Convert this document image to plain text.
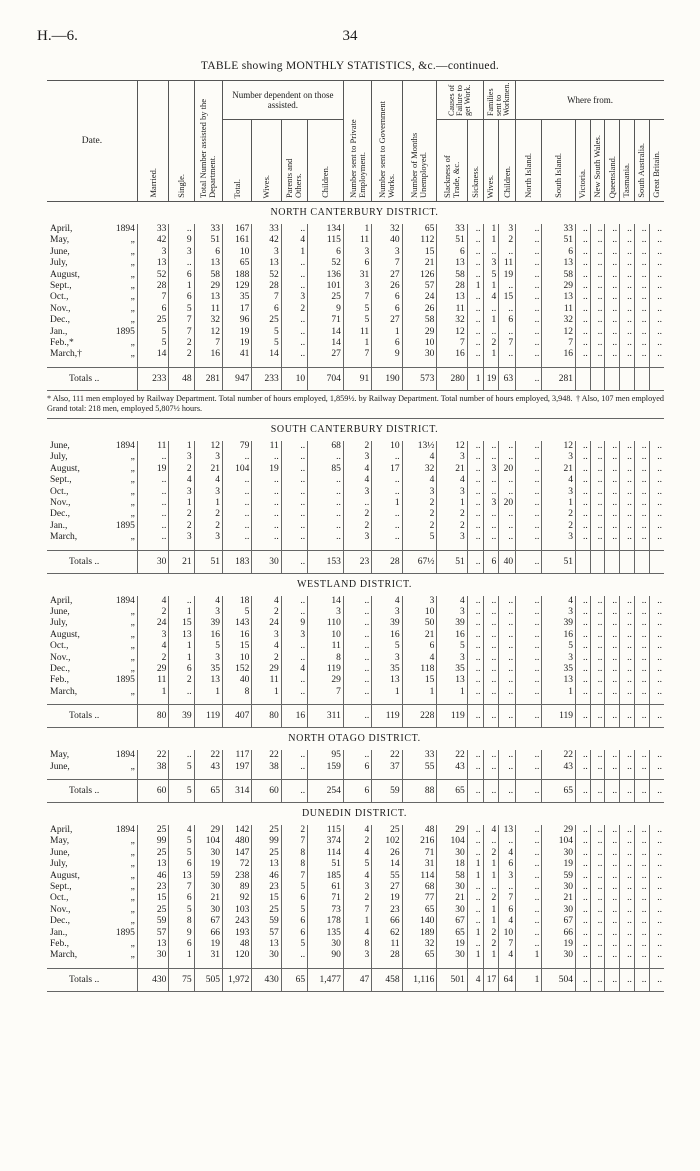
H.—6.	34
TABLE showing MONTHLY STATISTICS, &c.—continued.
Date.		Married.	Single.	Total Number assisted by the Department.	Number dependent on those assisted.				Number sent to Private Employment.	Number sent to Government Works.	Number of Months Unemployed.	Causes of Failure to get Work.		Families sent to Workmen.		Where from.							

					Total.	Wives.	Parents and Others.	Children.				Slackness of Trade, &c.	Sickness.	Wives.	Children.	North Island.	South Island.	Victoria.	New South Wales.	Queensland.	Tasmania.	South Australia.	Great Britain.

NORTH CANTERBURY DISTRICT.																							
April,	1894	33	..	33	167	33	..	134	1	32	65	33	..	1	3	..	33	..	..	..	..	..	..
May,	„	42	9	51	161	42	4	115	11	40	112	51	..	1	2	..	51	..	..	..	..	..	..
June,	„	3	3	6	10	3	1	6	3	3	15	6	..	..	..	..	6	..	..	..	..	..	..
July,	„	13	..	13	65	13	..	52	6	7	21	13	..	3	11	..	13	..	..	..	..	..	..
August,	„	52	6	58	188	52	..	136	31	27	126	58	..	5	19	..	58	..	..	..	..	..	..
Sept.,	„	28	1	29	129	28	..	101	3	26	57	28	1	1	..	..	29	..	..	..	..	..	..
Oct.,	„	7	6	13	35	7	3	25	7	6	24	13	..	4	15	..	13	..	..	..	..	..	..
Nov.,	„	6	5	11	17	6	2	9	5	6	26	11	..	..	..	..	11	..	..	..	..	..	..
Dec.,	„	25	7	32	96	25	..	71	5	27	58	32	..	1	6	..	32	..	..	..	..	..	..
Jan.,	1895	5	7	12	19	5	..	14	11	1	29	12	..	..	..	..	12	..	..	..	..	..	..
Feb.,*	„	5	2	7	19	5	..	14	1	6	10	7	..	2	7	..	7	..	..	..	..	..	..
March,†	„	14	2	16	41	14	..	27	7	9	30	16	..	1	..	..	16	..	..	..	..	..	..

Totals ..		233	48	281	947	233	10	704	91	190	573	280	1	19	63	..	281						

† Also, 107 men employed
* Also, 111 men employed by Railway Department. Total number of hours employed, 1,859½. by Railway Department. Total number of hours employed, 3,948. Grand total: 218 men, employed 5,807½ hours.																							
SOUTH CANTERBURY DISTRICT.																							
June,	1894	11	1	12	79	11	..	68	2	10	13½	12	..	..	..	..	12	..	..	..	..	..	..
July,	„	..	3	3	..	..	..	..	3	..	4	3	..	..	..	..	3	..	..	..	..	..	..
August,	„	19	2	21	104	19	..	85	4	17	32	21	..	3	20	..	21	..	..	..	..	..	..
Sept.,	„	..	4	4	..	..	..	..	4	..	4	4	..	..	..	..	4	..	..	..	..	..	..
Oct.,	„	..	3	3	..	..	..	..	3	..	3	3	..	..	..	..	3	..	..	..	..	..	..
Nov.,	„	..	1	1	..	..	..	..	..	1	2	1	..	3	20	..	1	..	..	..	..	..	..
Dec.,	„	..	2	2	..	..	..	..	2	..	2	2	..	..	..	..	2	..	..	..	..	..	..
Jan.,	1895	..	2	2	..	..	..	..	2	..	2	2	..	..	..	..	2	..	..	..	..	..	..
March,	„	..	3	3	..	..	..	..	3	..	5	3	..	..	..	..	3	..	..	..	..	..	..

Totals ..		30	21	51	183	30	..	153	23	28	67½	51	..	6	40	..	51						
WESTLAND DISTRICT.																							
April,	1894	4	..	4	18	4	..	14	..	4	3	4	..	..	..	..	4	..	..	..	..	..	..
June,	„	2	1	3	5	2	..	3	..	3	10	3	..	..	..	..	3	..	..	..	..	..	..
July,	„	24	15	39	143	24	9	110	..	39	50	39	..	..	..	..	39	..	..	..	..	..	..
August,	„	3	13	16	16	3	3	10	..	16	21	16	..	..	..	..	16	..	..	..	..	..	..
Oct.,	„	4	1	5	15	4	..	11	..	5	6	5	..	..	..	..	5	..	..	..	..	..	..
Nov.,	„	2	1	3	10	2	..	8	..	3	4	3	..	..	..	..	3	..	..	..	..	..	..
Dec.,	„	29	6	35	152	29	4	119	..	35	118	35	..	..	..	..	35	..	..	..	..	..	..
Feb.,	1895	11	2	13	40	11	..	29	..	13	15	13	..	..	..	..	13	..	..	..	..	..	..
March,	„	1	..	1	8	1	..	7	..	1	1	1	..	..	..	..	1	..	..	..	..	..	..

Totals ..		80	39	119	407	80	16	311	..	119	228	119	..	..	..	..	119	..	..	..	..	..	..
NORTH OTAGO DISTRICT.																							
May,	1894	22	..	22	117	22	..	95	..	22	33	22	..	..	..	..	22	..	..	..	..	..	..
June,	„	38	5	43	197	38	..	159	6	37	55	43	..	..	..	..	43	..	..	..	..	..	..

Totals ..		60	5	65	314	60	..	254	6	59	88	65	..	..	..	..	65	..	..	..	..	..	..
DUNEDIN DISTRICT.																							
April,	1894	25	4	29	142	25	2	115	4	25	48	29	..	4	13	..	29	..	..	..	..	..	..
May,	„	99	5	104	480	99	7	374	2	102	216	104	..	..	..	..	104	..	..	..	..	..	..
June,	„	25	5	30	147	25	8	114	4	26	71	30	..	2	4	..	30	..	..	..	..	..	..
July,	„	13	6	19	72	13	8	51	5	14	31	18	1	1	6	..	19	..	..	..	..	..	..
August,	„	46	13	59	238	46	7	185	4	55	114	58	1	1	3	..	59	..	..	..	..	..	..
Sept.,	„	23	7	30	89	23	5	61	3	27	68	30	..	..	..	..	30	..	..	..	..	..	..
Oct.,	„	15	6	21	92	15	6	71	2	19	77	21	..	2	7	..	21	..	..	..	..	..	..
Nov.,	„	25	5	30	103	25	5	73	7	23	65	30	..	1	6	..	30	..	..	..	..	..	..
Dec.,	„	59	8	67	243	59	6	178	1	66	140	67	..	1	4	..	67	..	..	..	..	..	..
Jan.,	1895	57	9	66	193	57	6	135	4	62	189	65	1	2	10	..	66	..	..	..	..	..	..
Feb.,	„	13	6	19	48	13	5	30	8	11	32	19	..	2	7	..	19	..	..	..	..	..	..
March,	„	30	1	31	120	30	..	90	3	28	65	30	1	1	4	1	30	..	..	..	..	..	..

Totals ..		430	75	505	1,972	430	65	1,477	47	458	1,116	501	4	17	64	1	504	..	..	..	..	..	..
